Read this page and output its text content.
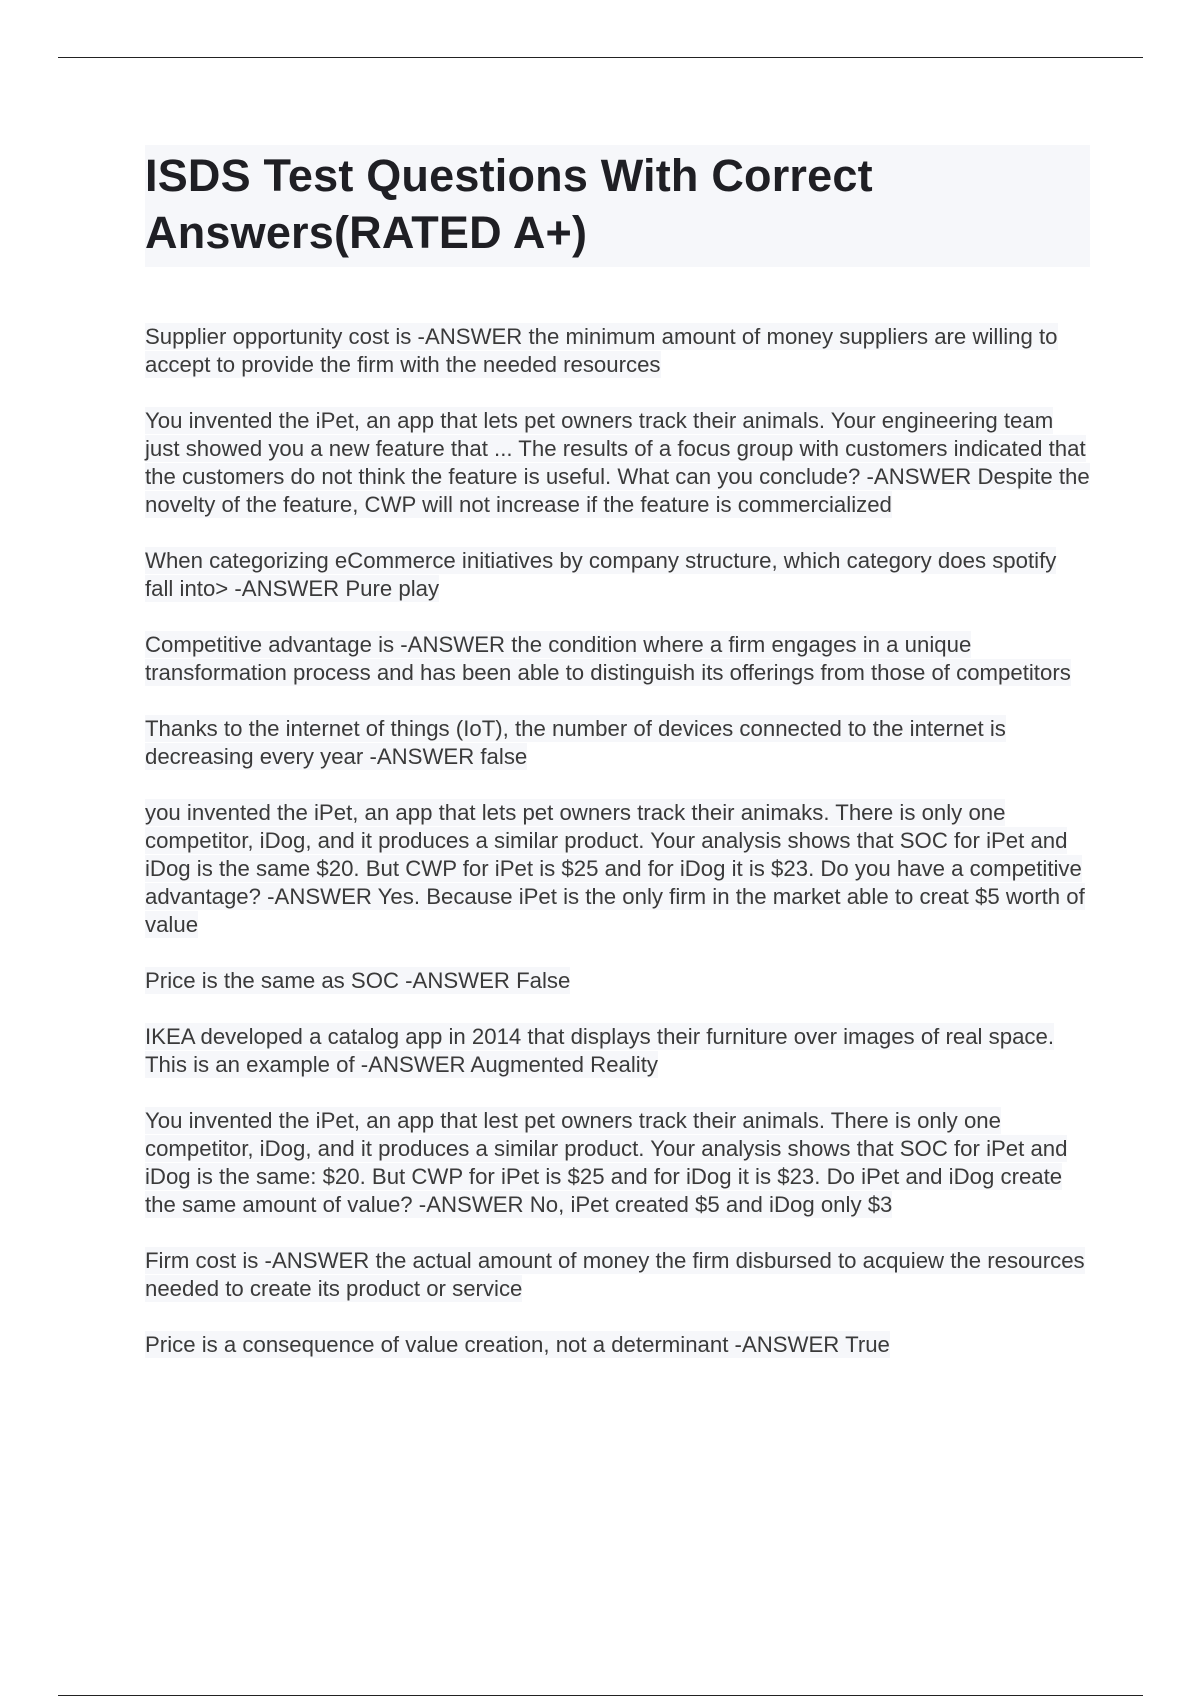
ISDS Test Questions With Correct Answers(RATED A+)

Supplier opportunity cost is -ANSWER the minimum amount of money suppliers are willing to accept to provide the firm with the needed resources

You invented the iPet, an app that lets pet owners track their animals. Your engineering team just showed you a new feature that ... The results of a focus group with customers indicated that the customers do not think the feature is useful. What can you conclude? -ANSWER Despite the novelty of the feature, CWP will not increase if the feature is commercialized

When categorizing eCommerce initiatives by company structure, which category does spotify fall into> -ANSWER Pure play

Competitive advantage is -ANSWER the condition where a firm engages in a unique transformation process and has been able to distinguish its offerings from those of competitors

Thanks to the internet of things (IoT), the number of devices connected to the internet is decreasing every year -ANSWER false

you invented the iPet, an app that lets pet owners track their animaks. There is only one competitor, iDog, and it produces a similar product. Your analysis shows that SOC for iPet and iDog is the same $20. But CWP for iPet is $25 and for iDog it is $23. Do you have a competitive advantage? -ANSWER Yes. Because iPet is the only firm in the market able to creat $5 worth of value

Price is the same as SOC -ANSWER False

IKEA developed a catalog app in 2014 that displays their furniture over images of real space. This is an example of -ANSWER Augmented Reality

You invented the iPet, an app that lest pet owners track their animals. There is only one competitor, iDog, and it produces a similar product. Your analysis shows that SOC for iPet and iDog is the same: $20. But CWP for iPet is $25 and for iDog it is $23. Do iPet and iDog create the same amount of value? -ANSWER No, iPet created $5 and iDog only $3

Firm cost is -ANSWER the actual amount of money the firm disbursed to acquiew the resources needed to create its product or service

Price is a consequence of value creation, not a determinant -ANSWER True
